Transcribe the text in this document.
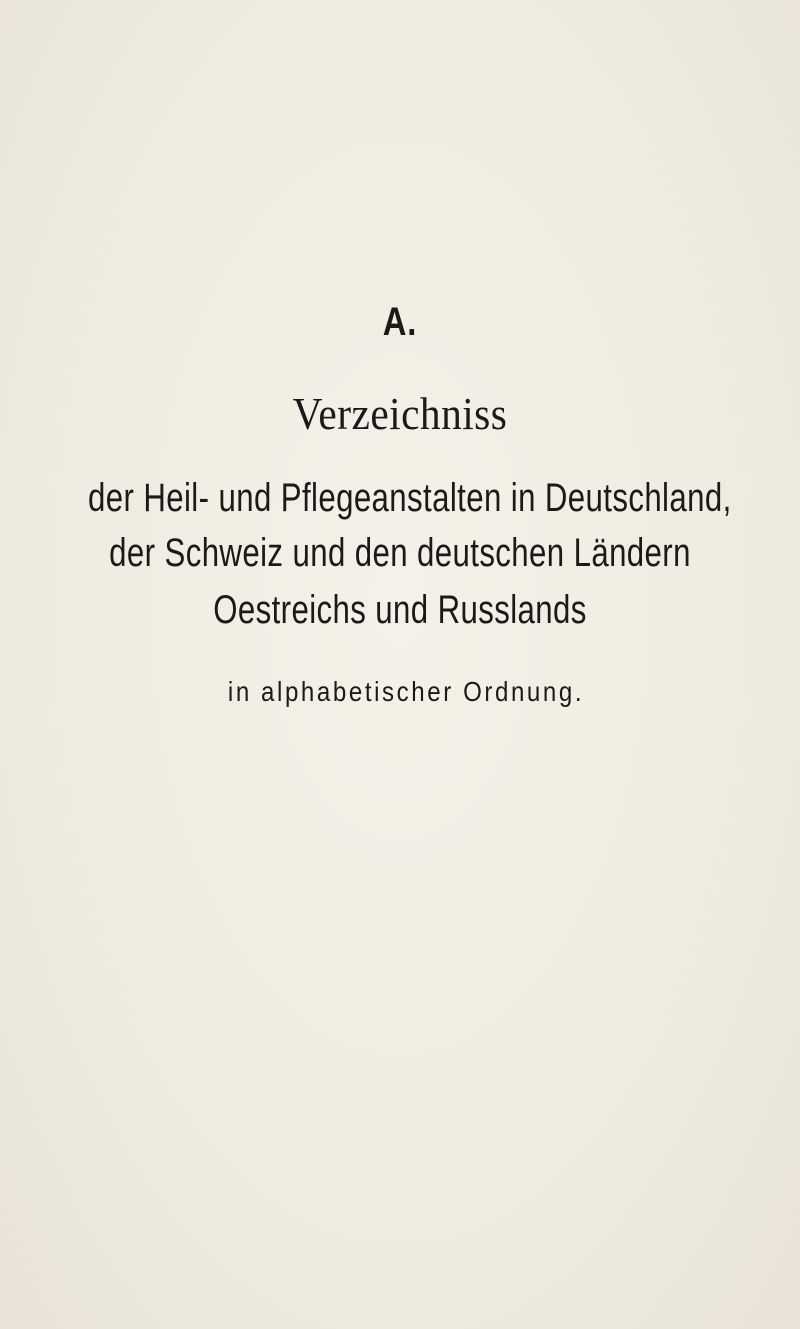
A.
Verzeichniss
der Heil- und Pflegeanstalten in Deutschland,
der Schweiz und den deutschen Ländern
Oestreichs und Russlands
in alphabetischer Ordnung.
